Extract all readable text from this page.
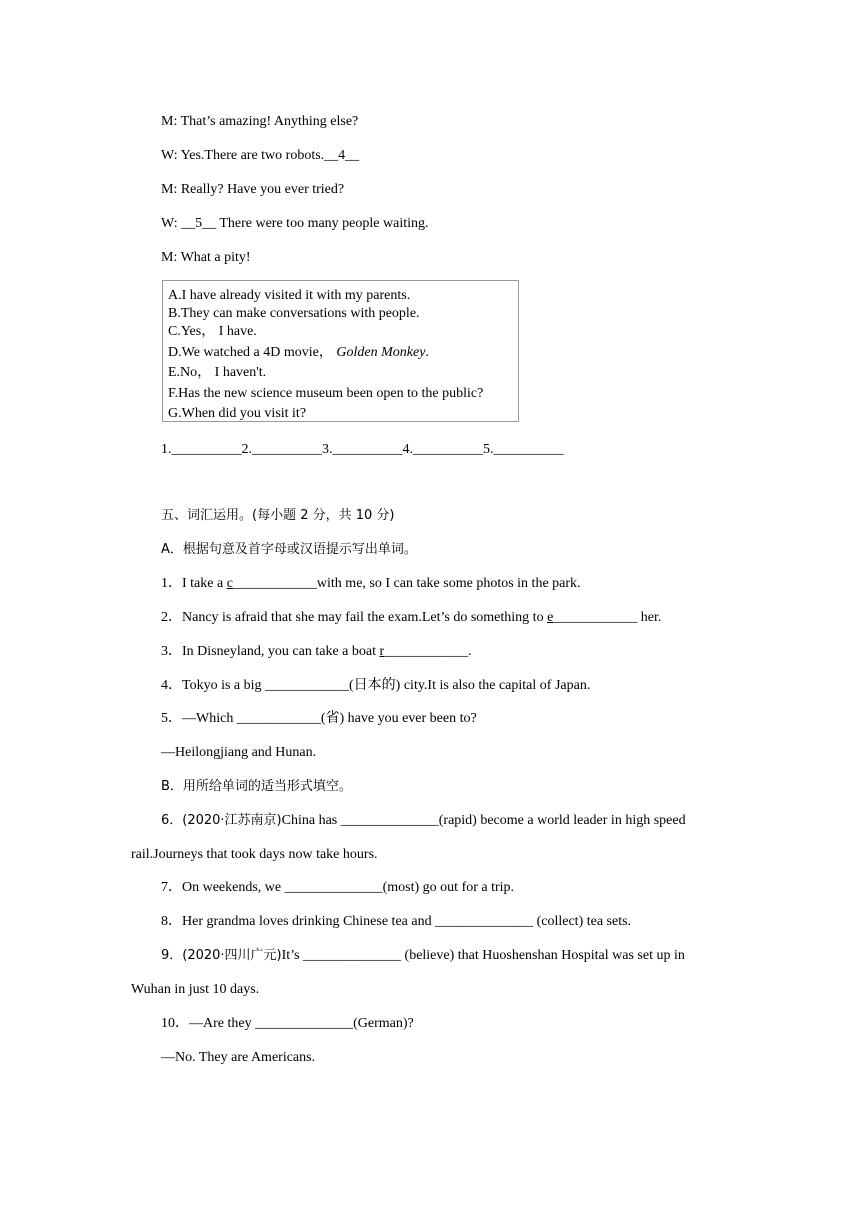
M: That’s amazing! Anything else?
W: Yes.There are two robots.__4__
M: Really? Have you ever tried?
W: __5__ There were too many people waiting.
M: What a pity!
A.I have already visited it with my parents.
B.They can make conversations with people.
C.Yes， I have.
D.We watched a 4D movie， Golden Monkey.
E.No， I haven't.
F.Has the new science museum been open to the public?
G.When did you visit it?
1.__________2.__________3.__________4.__________5.__________
五、词汇运用。(每小题 2 分，共 10 分)
A．根据句意及首字母或汉语提示写出单词。
1．I take a c____________with me, so I can take some photos in the park.
2．Nancy is afraid that she may fail the exam.Let’s do something to e____________ her.
3．In Disneyland, you can take a boat r____________.
4．Tokyo is a big ____________(日本的) city.It is also the capital of Japan.
5．—Which ____________(省) have you ever been to?
—Heilongjiang and Hunan.
B．用所给单词的适当形式填空。
6．(2020·江苏南京)China has ______________(rapid) become a world leader in high speed
rail.Journeys that took days now take hours.
7．On weekends, we ______________(most) go out for a trip.
8．Her grandma loves drinking Chinese tea and ______________ (collect) tea sets.
9．(2020·四川广元)It’s ______________ (believe) that Huoshenshan Hospital was set up in
Wuhan in just 10 days.
10．—Are they ______________(German)?
—No. They are Americans.
